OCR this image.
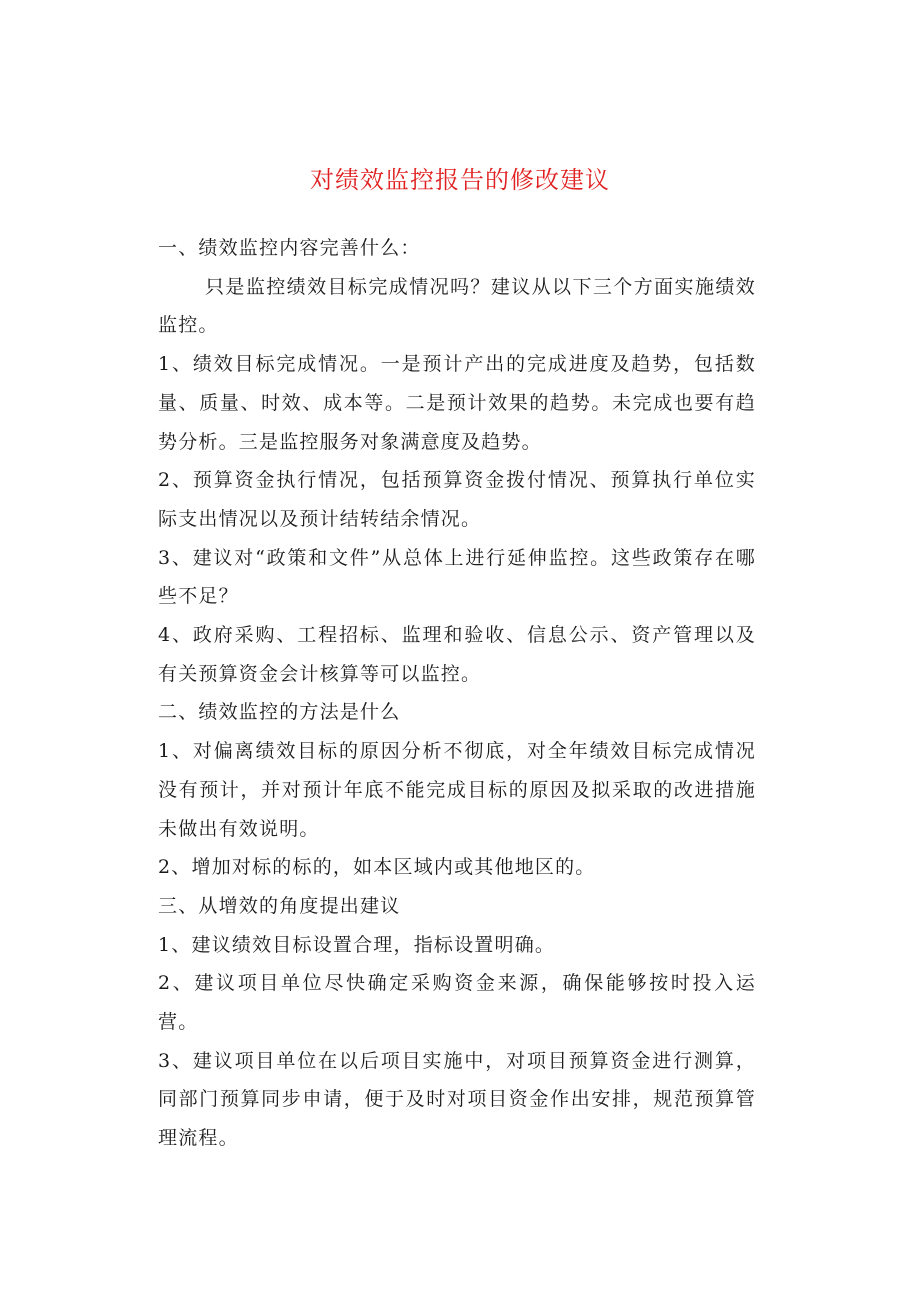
对绩效监控报告的修改建议

一、绩效监控内容完善什么：

只是监控绩效目标完成情况吗？建议从以下三个方面实施绩效监控。

1、绩效目标完成情况。一是预计产出的完成进度及趋势，包括数量、质量、时效、成本等。二是预计效果的趋势。未完成也要有趋势分析。三是监控服务对象满意度及趋势。

2、预算资金执行情况，包括预算资金拨付情况、预算执行单位实际支出情况以及预计结转结余情况。

3、建议对“政策和文件”从总体上进行延伸监控。这些政策存在哪些不足？

4、政府采购、工程招标、监理和验收、信息公示、资产管理以及有关预算资金会计核算等可以监控。

二、绩效监控的方法是什么

1、对偏离绩效目标的原因分析不彻底，对全年绩效目标完成情况没有预计，并对预计年底不能完成目标的原因及拟采取的改进措施未做出有效说明。

2、增加对标的标的，如本区域内或其他地区的。

三、从增效的角度提出建议

1、建议绩效目标设置合理，指标设置明确。

2、建议项目单位尽快确定采购资金来源，确保能够按时投入运营。

3、建议项目单位在以后项目实施中，对项目预算资金进行测算，同部门预算同步申请，便于及时对项目资金作出安排，规范预算管理流程。
